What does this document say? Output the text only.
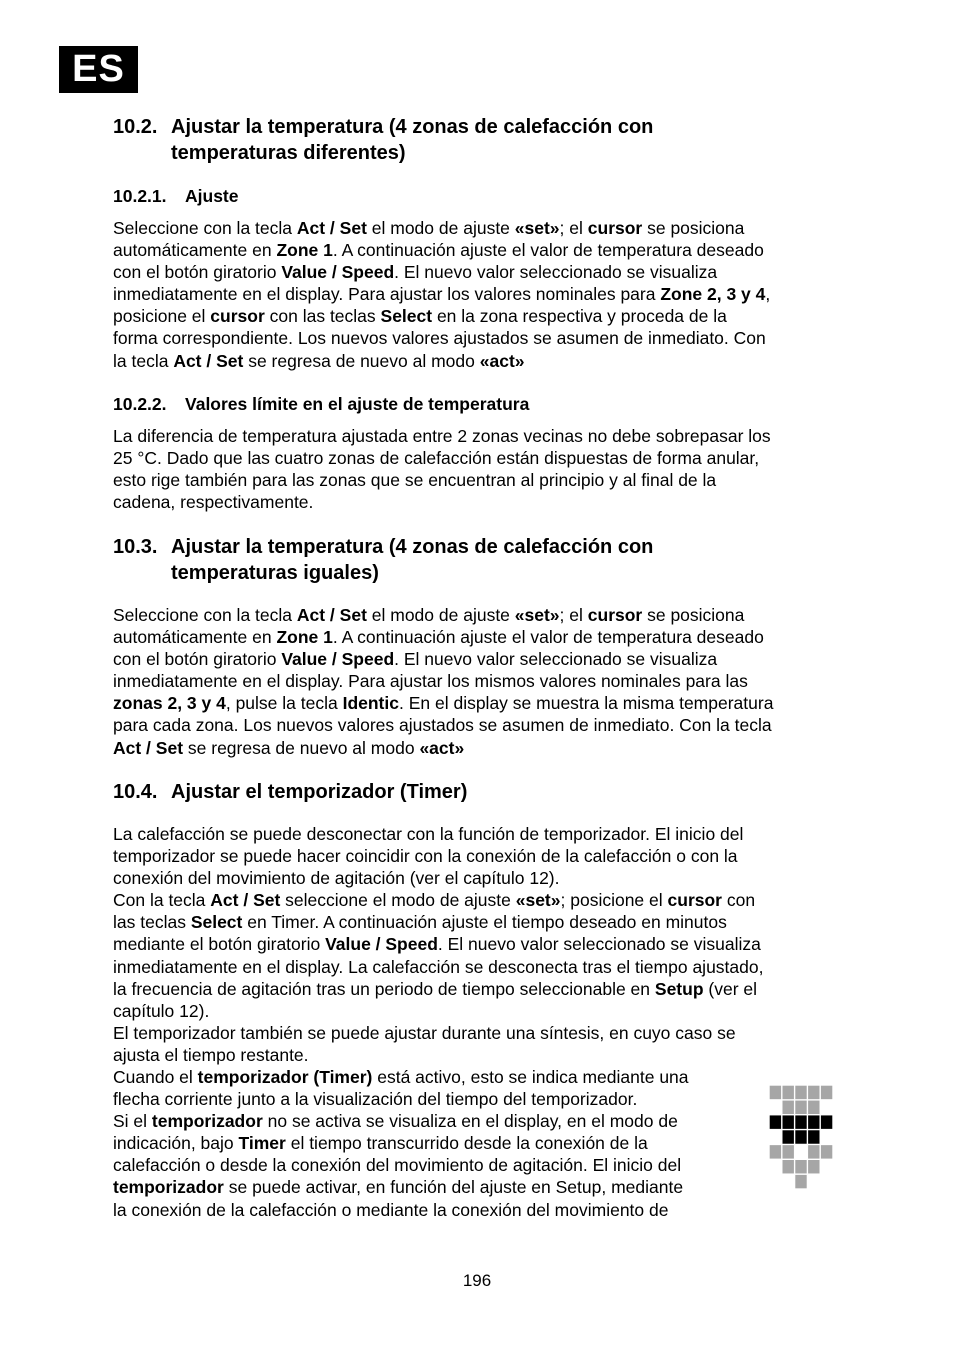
ES
10.2. Ajustar la temperatura (4 zonas de calefacción con
temperaturas diferentes)
10.2.1. Ajuste
Seleccione con la tecla Act / Set el modo de ajuste «set»; el cursor se posiciona
automáticamente en Zone 1. A continuación ajuste el valor de temperatura deseado
con el botón giratorio Value / Speed. El nuevo valor seleccionado se visualiza
inmediatamente en el display. Para ajustar los valores nominales para Zone 2, 3 y 4,
posicione el cursor con las teclas Select en la zona respectiva y proceda de la
forma correspondiente. Los nuevos valores ajustados se asumen de inmediato. Con
la tecla Act / Set se regresa de nuevo al modo «act»
10.2.2. Valores límite en el ajuste de temperatura
La diferencia de temperatura ajustada entre 2 zonas vecinas no debe sobrepasar los
25 °C. Dado que las cuatro zonas de calefacción están dispuestas de forma anular,
esto rige también para las zonas que se encuentran al principio y al final de la
cadena, respectivamente.
10.3. Ajustar la temperatura (4 zonas de calefacción con
temperaturas iguales)
Seleccione con la tecla Act / Set el modo de ajuste «set»; el cursor se posiciona
automáticamente en Zone 1. A continuación ajuste el valor de temperatura deseado
con el botón giratorio Value / Speed. El nuevo valor seleccionado se visualiza
inmediatamente en el display. Para ajustar los mismos valores nominales para las
zonas 2, 3 y 4, pulse la tecla Identic. En el display se muestra la misma temperatura
para cada zona. Los nuevos valores ajustados se asumen de inmediato. Con la tecla
Act / Set se regresa de nuevo al modo «act»
10.4. Ajustar el temporizador (Timer)
La calefacción se puede desconectar con la función de temporizador. El inicio del
temporizador se puede hacer coincidir con la conexión de la calefacción o con la
conexión del movimiento de agitación (ver el capítulo 12).
Con la tecla Act / Set seleccione el modo de ajuste «set»; posicione el cursor con
las teclas Select en Timer. A continuación ajuste el tiempo deseado en minutos
mediante el botón giratorio Value / Speed. El nuevo valor seleccionado se visualiza
inmediatamente en el display. La calefacción se desconecta tras el tiempo ajustado,
la frecuencia de agitación tras un periodo de tiempo seleccionable en Setup (ver el
capítulo 12).
El temporizador también se puede ajustar durante una síntesis, en cuyo caso se
ajusta el tiempo restante.
Cuando el temporizador (Timer) está activo, esto se indica mediante una
flecha corriente junto a la visualización del tiempo del temporizador.
Si el temporizador no se activa se visualiza en el display, en el modo de
indicación, bajo Timer el tiempo transcurrido desde la conexión de la
calefacción o desde la conexión del movimiento de agitación. El inicio del
temporizador se puede activar, en función del ajuste en Setup, mediante
la conexión de la calefacción o mediante la conexión del movimiento de
196
